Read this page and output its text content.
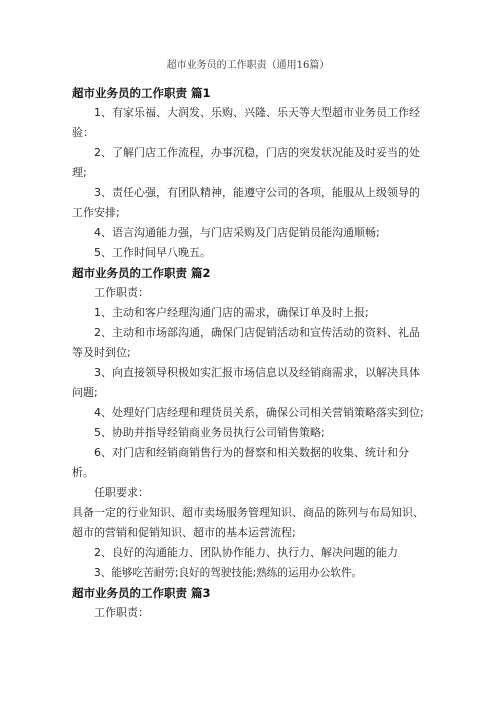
超市业务员的工作职责（通用16篇）
超市业务员的工作职责 篇1
1、有家乐福、大润发、乐购、兴隆、乐天等大型超市业务员工作经验：
2、了解门店工作流程，办事沉稳，门店的突发状况能及时妥当的处理;
3、责任心强，有团队精神，能遵守公司的各项，能服从上级领导的工作安排;
4、语言沟通能力强，与门店采购及门店促销员能沟通顺畅;
5、工作时间早八晚五。
超市业务员的工作职责 篇2
工作职责：
1、主动和客户经理沟通门店的需求，确保订单及时上报;
2、主动和市场部沟通，确保门店促销活动和宣传活动的资料、礼品等及时到位;
3、向直接领导积极如实汇报市场信息以及经销商需求，以解决具体问题;
4、处理好门店经理和理货员关系，确保公司相关营销策略落实到位;
5、协助并指导经销商业务员执行公司销售策略;
6、对门店和经销商销售行为的督察和相关数据的收集、统计和分析。
任职要求：
具备一定的行业知识、超市卖场服务管理知识、商品的陈列与布局知识、超市的营销和促销知识、超市的基本运营流程;
2、良好的沟通能力、团队协作能力、执行力、解决问题的能力
3、能够吃苦耐劳;良好的驾驶技能;熟练的运用办公软件。
超市业务员的工作职责 篇3
工作职责：
